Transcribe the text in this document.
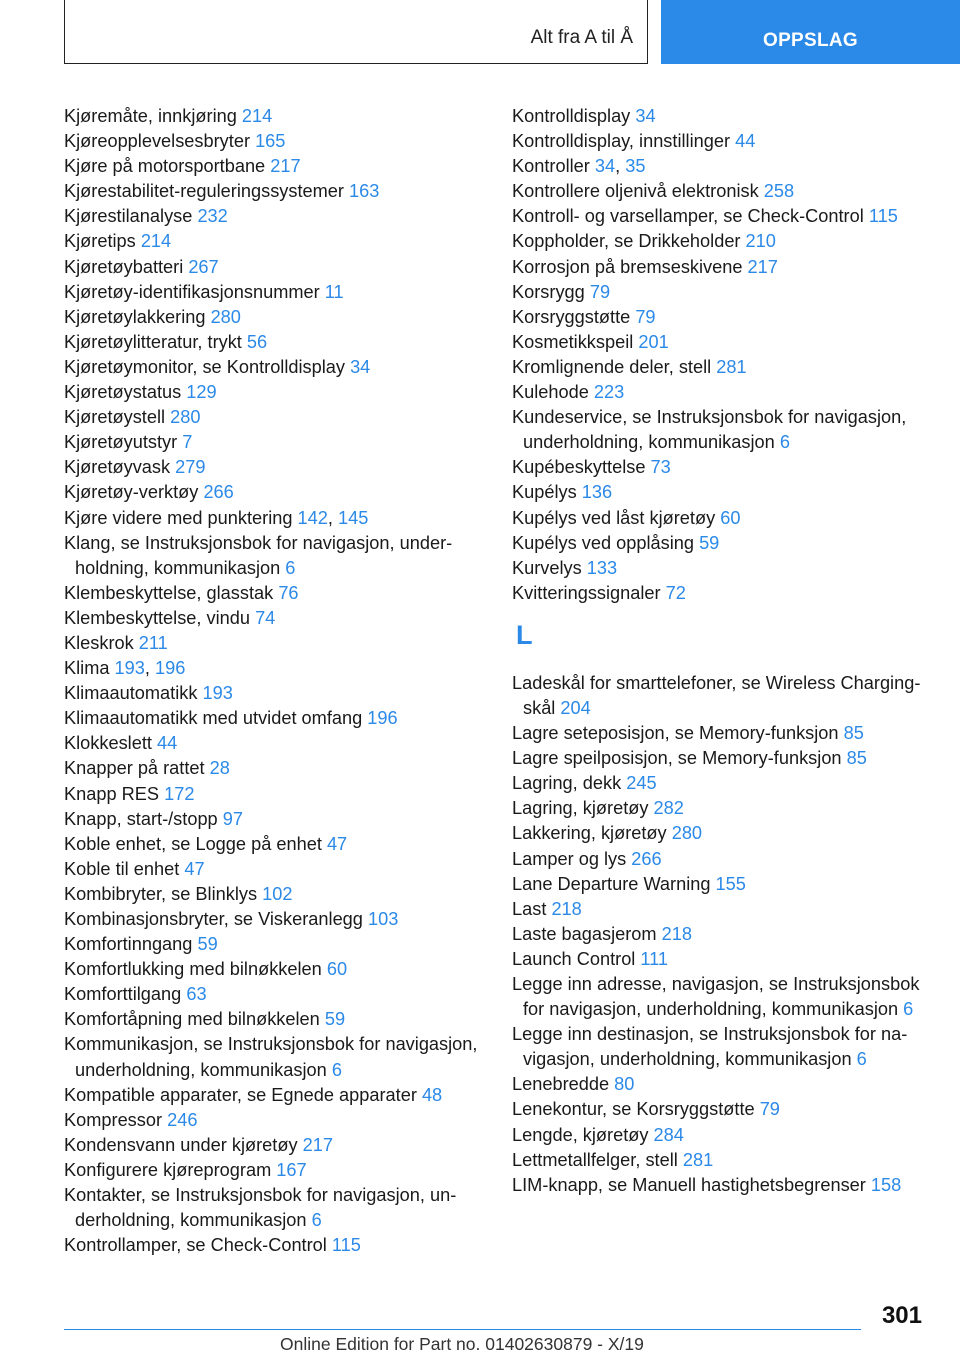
Alt fra A til Å	OPPSLAG
Kjøremåte, innkjøring 214
Kjøreopplevelsesbryter 165
Kjøre på motorsportbane 217
Kjørestabilitet-reguleringssystemer 163
Kjørestilanalyse 232
Kjøretips 214
Kjøretøybatteri 267
Kjøretøy-identifikasjonsnummer 11
Kjøretøylakkering 280
Kjøretøylitteratur, trykt 56
Kjøretøymonitor, se Kontrolldisplay 34
Kjøretøystatus 129
Kjøretøystell 280
Kjøretøyutstyr 7
Kjøretøyvask 279
Kjøretøy-verktøy 266
Kjøre videre med punktering 142, 145
Klang, se Instruksjonsbok for navigasjon, underholdning, kommunikasjon 6
Klembeskyttelse, glasstak 76
Klembeskyttelse, vindu 74
Kleskrok 211
Klima 193, 196
Klimaautomatikk 193
Klimaautomatikk med utvidet omfang 196
Klokkeslett 44
Knapper på rattet 28
Knapp RES 172
Knapp, start-/stopp 97
Koble enhet, se Logge på enhet 47
Koble til enhet 47
Kombibryter, se Blinklys 102
Kombinasjonsbryter, se Viskeranlegg 103
Komfortinngang 59
Komfortlukking med bilnøkkelen 60
Komforttilgang 63
Komfortåpning med bilnøkkelen 59
Kommunikasjon, se Instruksjonsbok for navigasjon, underholdning, kommunikasjon 6
Kompatible apparater, se Egnede apparater 48
Kompressor 246
Kondensvann under kjøretøy 217
Konfigurere kjøreprogram 167
Kontakter, se Instruksjonsbok for navigasjon, underholdning, kommunikasjon 6
Kontrollamper, se Check-Control 115
Kontrolldisplay 34
Kontrolldisplay, innstillinger 44
Kontroller 34, 35
Kontrollere oljenivå elektronisk 258
Kontroll- og varsellamper, se Check-Control 115
Koppholder, se Drikkeholder 210
Korrosjon på bremseskivene 217
Korsrygg 79
Korsryggstøtte 79
Kosmetikkspeil 201
Kromlignende deler, stell 281
Kulehode 223
Kundeservice, se Instruksjonsbok for navigasjon, underholdning, kommunikasjon 6
Kupébeskyttelse 73
Kupélys 136
Kupélys ved låst kjøretøy 60
Kupélys ved opplåsing 59
Kurvelys 133
Kvitteringssignaler 72
L
Ladeskål for smarttelefoner, se Wireless Charging-skål 204
Lagre seteposisjon, se Memory-funksjon 85
Lagre speilposisjon, se Memory-funksjon 85
Lagring, dekk 245
Lagring, kjøretøy 282
Lakkering, kjøretøy 280
Lamper og lys 266
Lane Departure Warning 155
Last 218
Laste bagasjerom 218
Launch Control 111
Legge inn adresse, navigasjon, se Instruksjonsbok for navigasjon, underholdning, kommunikasjon 6
Legge inn destinasjon, se Instruksjonsbok for navigasjon, underholdning, kommunikasjon 6
Lenebredde 80
Lenekontur, se Korsryggstøtte 79
Lengde, kjøretøy 284
Lettmetallfelger, stell 281
LIM-knapp, se Manuell hastighetsbegrenser 158
301
Online Edition for Part no. 01402630879 - X/19
